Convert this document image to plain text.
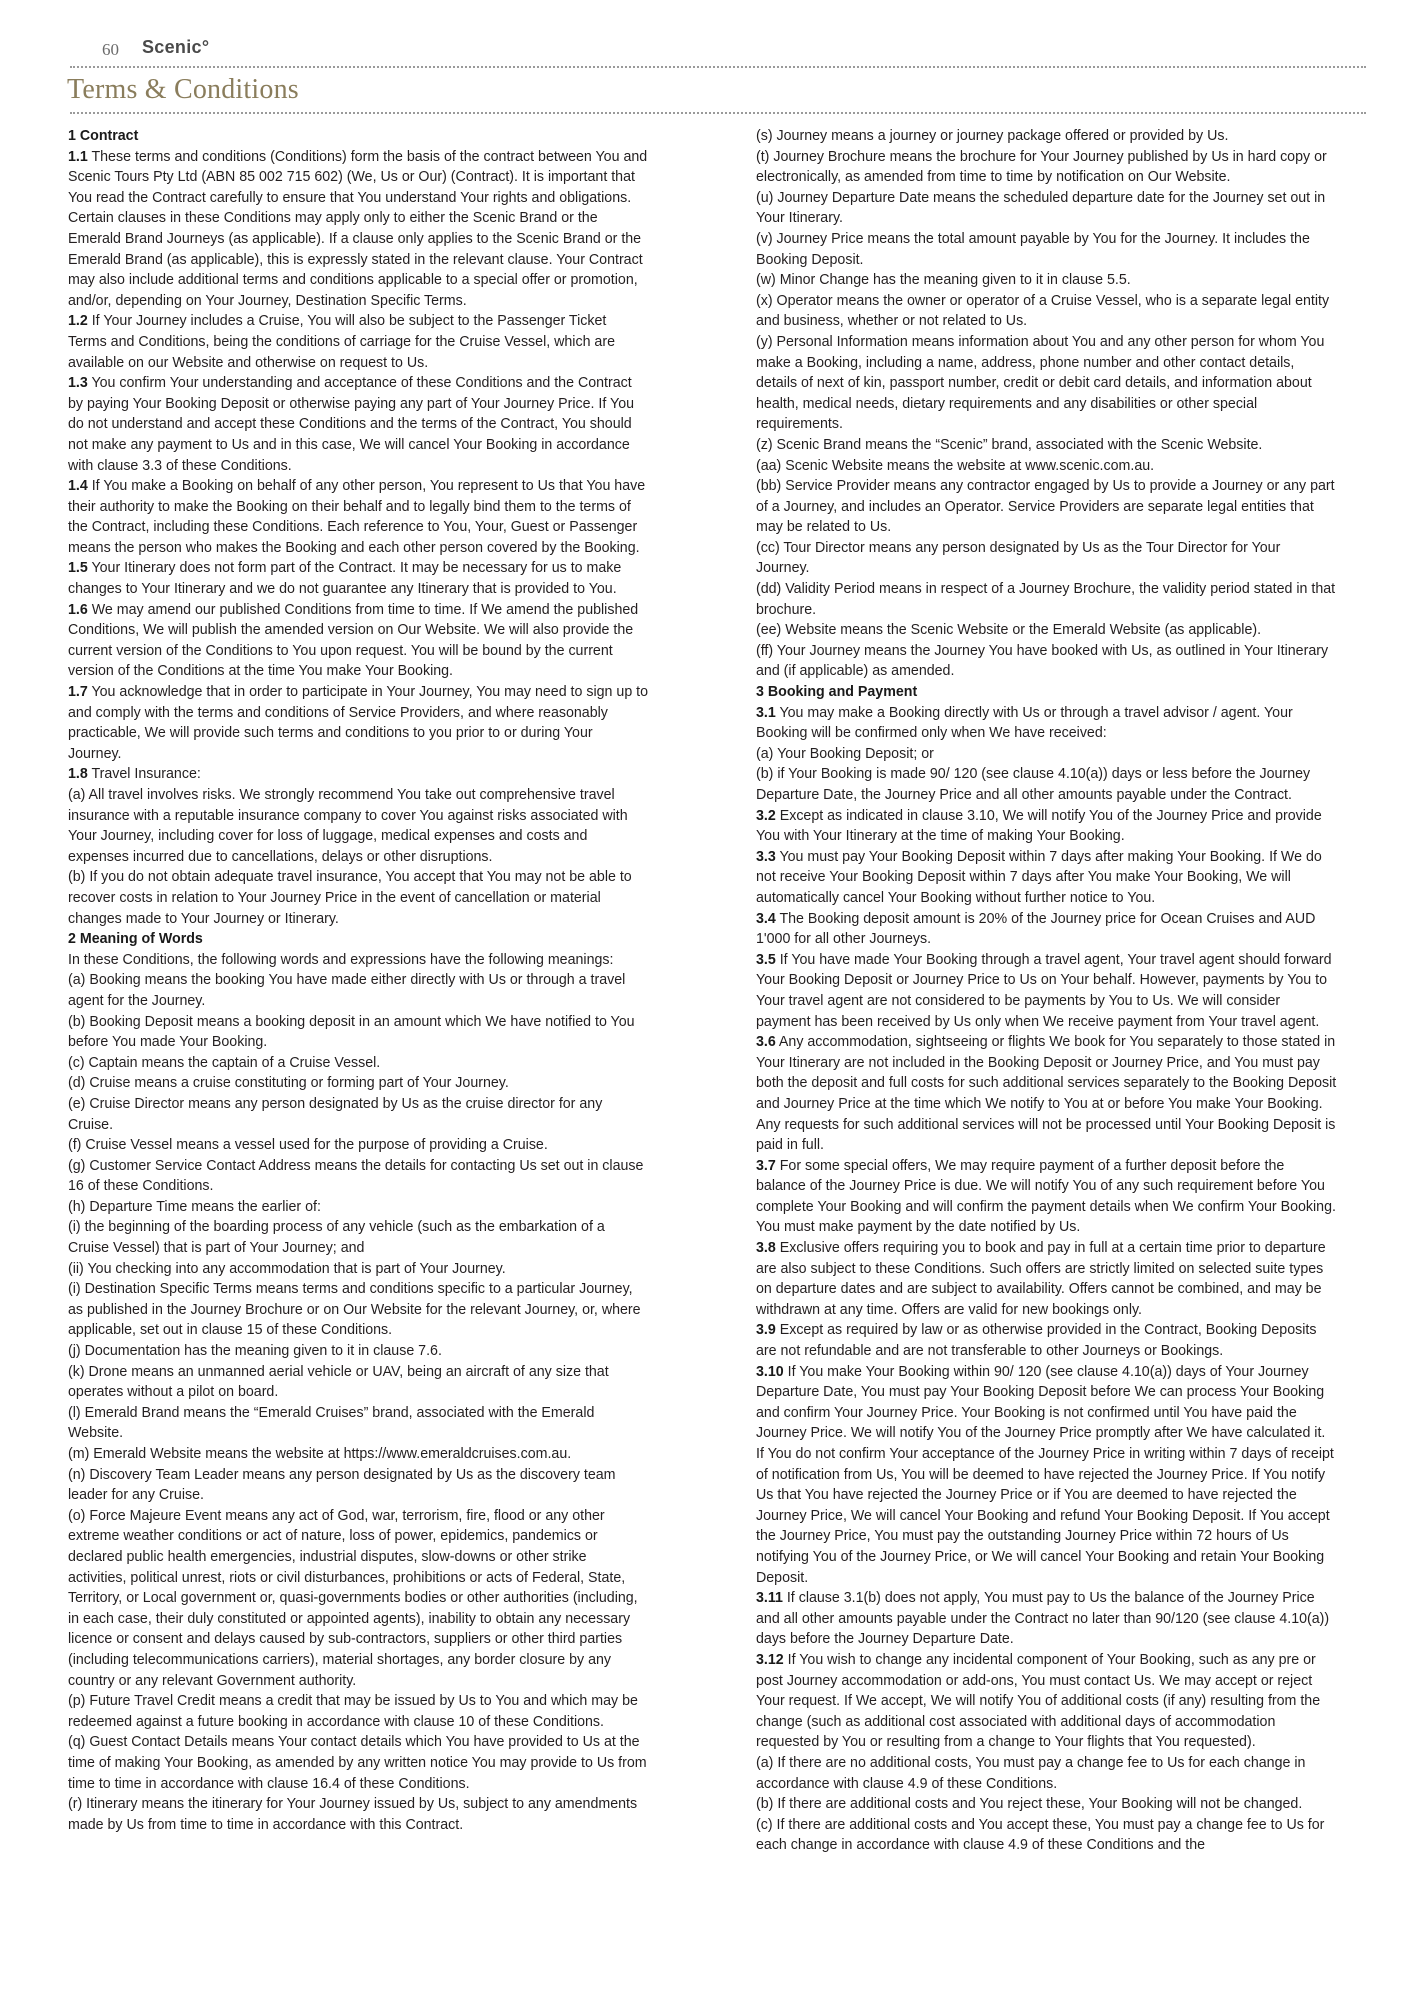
60 Scenic°
Terms & Conditions

1 Contract

1.1 These terms and conditions (Conditions) form the basis of the contract between You and Scenic Tours Pty Ltd (ABN 85 002 715 602) (We, Us or Our) (Contract). It is important that You read the Contract carefully to ensure that You understand Your rights and obligations. Certain clauses in these Conditions may apply only to either the Scenic Brand or the Emerald Brand Journeys (as applicable). If a clause only applies to the Scenic Brand or the Emerald Brand (as applicable), this is expressly stated in the relevant clause. Your Contract may also include additional terms and conditions applicable to a special offer or promotion, and/or, depending on Your Journey, Destination Specific Terms.

1.2 If Your Journey includes a Cruise, You will also be subject to the Passenger Ticket Terms and Conditions, being the conditions of carriage for the Cruise Vessel, which are available on our Website and otherwise on request to Us.

1.3 You confirm Your understanding and acceptance of these Conditions and the Contract by paying Your Booking Deposit or otherwise paying any part of Your Journey Price. If You do not understand and accept these Conditions and the terms of the Contract, You should not make any payment to Us and in this case, We will cancel Your Booking in accordance with clause 3.3 of these Conditions.

1.4 If You make a Booking on behalf of any other person, You represent to Us that You have their authority to make the Booking on their behalf and to legally bind them to the terms of the Contract, including these Conditions. Each reference to You, Your, Guest or Passenger means the person who makes the Booking and each other person covered by the Booking.

1.5 Your Itinerary does not form part of the Contract. It may be necessary for us to make changes to Your Itinerary and we do not guarantee any Itinerary that is provided to You.

1.6 We may amend our published Conditions from time to time. If We amend the published Conditions, We will publish the amended version on Our Website. We will also provide the current version of the Conditions to You upon request. You will be bound by the current version of the Conditions at the time You make Your Booking.

1.7 You acknowledge that in order to participate in Your Journey, You may need to sign up to and comply with the terms and conditions of Service Providers, and where reasonably practicable, We will provide such terms and conditions to you prior to or during Your Journey.

1.8 Travel Insurance:

(a) All travel involves risks. We strongly recommend You take out comprehensive travel insurance with a reputable insurance company to cover You against risks associated with Your Journey, including cover for loss of luggage, medical expenses and costs and expenses incurred due to cancellations, delays or other disruptions.

(b) If you do not obtain adequate travel insurance, You accept that You may not be able to recover costs in relation to Your Journey Price in the event of cancellation or material changes made to Your Journey or Itinerary.

2 Meaning of Words

In these Conditions, the following words and expressions have the following meanings:

(a) Booking means the booking You have made either directly with Us or through a travel agent for the Journey.

(b) Booking Deposit means a booking deposit in an amount which We have notified to You before You made Your Booking.

(c) Captain means the captain of a Cruise Vessel.

(d) Cruise means a cruise constituting or forming part of Your Journey.

(e) Cruise Director means any person designated by Us as the cruise director for any Cruise.

(f) Cruise Vessel means a vessel used for the purpose of providing a Cruise.

(g) Customer Service Contact Address means the details for contacting Us set out in clause 16 of these Conditions.

(h) Departure Time means the earlier of:

(i) the beginning of the boarding process of any vehicle (such as the embarkation of a Cruise Vessel) that is part of Your Journey; and

(ii) You checking into any accommodation that is part of Your Journey.

(i) Destination Specific Terms means terms and conditions specific to a particular Journey, as published in the Journey Brochure or on Our Website for the relevant Journey, or, where applicable, set out in clause 15 of these Conditions.

(j) Documentation has the meaning given to it in clause 7.6.

(k) Drone means an unmanned aerial vehicle or UAV, being an aircraft of any size that operates without a pilot on board.

(l) Emerald Brand means the “Emerald Cruises” brand, associated with the Emerald Website.

(m) Emerald Website means the website at https://www.emeraldcruises.com.au.

(n) Discovery Team Leader means any person designated by Us as the discovery team leader for any Cruise.

(o) Force Majeure Event means any act of God, war, terrorism, fire, flood or any other extreme weather conditions or act of nature, loss of power, epidemics, pandemics or declared public health emergencies, industrial disputes, slow-downs or other strike activities, political unrest, riots or civil disturbances, prohibitions or acts of Federal, State, Territory, or Local government or, quasi-governments bodies or other authorities (including, in each case, their duly constituted or appointed agents), inability to obtain any necessary licence or consent and delays caused by sub-contractors, suppliers or other third parties (including telecommunications carriers), material shortages, any border closure by any country or any relevant Government authority.

(p) Future Travel Credit means a credit that may be issued by Us to You and which may be redeemed against a future booking in accordance with clause 10 of these Conditions.

(q) Guest Contact Details means Your contact details which You have provided to Us at the time of making Your Booking, as amended by any written notice You may provide to Us from time to time in accordance with clause 16.4 of these Conditions.

(r) Itinerary means the itinerary for Your Journey issued by Us, subject to any amendments made by Us from time to time in accordance with this Contract.

(s) Journey means a journey or journey package offered or provided by Us.

(t) Journey Brochure means the brochure for Your Journey published by Us in hard copy or electronically, as amended from time to time by notification on Our Website.

(u) Journey Departure Date means the scheduled departure date for the Journey set out in Your Itinerary.

(v) Journey Price means the total amount payable by You for the Journey. It includes the Booking Deposit.

(w) Minor Change has the meaning given to it in clause 5.5.

(x) Operator means the owner or operator of a Cruise Vessel, who is a separate legal entity and business, whether or not related to Us.

(y) Personal Information means information about You and any other person for whom You make a Booking, including a name, address, phone number and other contact details, details of next of kin, passport number, credit or debit card details, and information about health, medical needs, dietary requirements and any disabilities or other special requirements.

(z) Scenic Brand means the “Scenic” brand, associated with the Scenic Website.

(aa) Scenic Website means the website at www.scenic.com.au.

(bb) Service Provider means any contractor engaged by Us to provide a Journey or any part of a Journey, and includes an Operator. Service Providers are separate legal entities that may be related to Us.

(cc) Tour Director means any person designated by Us as the Tour Director for Your Journey.

(dd) Validity Period means in respect of a Journey Brochure, the validity period stated in that brochure.

(ee) Website means the Scenic Website or the Emerald Website (as applicable).

(ff) Your Journey means the Journey You have booked with Us, as outlined in Your Itinerary and (if applicable) as amended.

3 Booking and Payment

3.1 You may make a Booking directly with Us or through a travel advisor / agent. Your Booking will be confirmed only when We have received:

(a) Your Booking Deposit; or

(b) if Your Booking is made 90/ 120 (see clause 4.10(a)) days or less before the Journey Departure Date, the Journey Price and all other amounts payable under the Contract.

3.2 Except as indicated in clause 3.10, We will notify You of the Journey Price and provide You with Your Itinerary at the time of making Your Booking.

3.3 You must pay Your Booking Deposit within 7 days after making Your Booking. If We do not receive Your Booking Deposit within 7 days after You make Your Booking, We will automatically cancel Your Booking without further notice to You.

3.4 The Booking deposit amount is 20% of the Journey price for Ocean Cruises and AUD 1'000 for all other Journeys.

3.5 If You have made Your Booking through a travel agent, Your travel agent should forward Your Booking Deposit or Journey Price to Us on Your behalf. However, payments by You to Your travel agent are not considered to be payments by You to Us. We will consider payment has been received by Us only when We receive payment from Your travel agent.

3.6 Any accommodation, sightseeing or flights We book for You separately to those stated in Your Itinerary are not included in the Booking Deposit or Journey Price, and You must pay both the deposit and full costs for such additional services separately to the Booking Deposit and Journey Price at the time which We notify to You at or before You make Your Booking. Any requests for such additional services will not be processed until Your Booking Deposit is paid in full.

3.7 For some special offers, We may require payment of a further deposit before the balance of the Journey Price is due. We will notify You of any such requirement before You complete Your Booking and will confirm the payment details when We confirm Your Booking. You must make payment by the date notified by Us.

3.8 Exclusive offers requiring you to book and pay in full at a certain time prior to departure are also subject to these Conditions. Such offers are strictly limited on selected suite types on departure dates and are subject to availability. Offers cannot be combined, and may be withdrawn at any time. Offers are valid for new bookings only.

3.9 Except as required by law or as otherwise provided in the Contract, Booking Deposits are not refundable and are not transferable to other Journeys or Bookings.

3.10 If You make Your Booking within 90/ 120 (see clause 4.10(a)) days of Your Journey Departure Date, You must pay Your Booking Deposit before We can process Your Booking and confirm Your Journey Price. Your Booking is not confirmed until You have paid the Journey Price. We will notify You of the Journey Price promptly after We have calculated it. If You do not confirm Your acceptance of the Journey Price in writing within 7 days of receipt of notification from Us, You will be deemed to have rejected the Journey Price. If You notify Us that You have rejected the Journey Price or if You are deemed to have rejected the Journey Price, We will cancel Your Booking and refund Your Booking Deposit. If You accept the Journey Price, You must pay the outstanding Journey Price within 72 hours of Us notifying You of the Journey Price, or We will cancel Your Booking and retain Your Booking Deposit.

3.11 If clause 3.1(b) does not apply, You must pay to Us the balance of the Journey Price and all other amounts payable under the Contract no later than 90/120 (see clause 4.10(a)) days before the Journey Departure Date.

3.12 If You wish to change any incidental component of Your Booking, such as any pre or post Journey accommodation or add-ons, You must contact Us. We may accept or reject Your request. If We accept, We will notify You of additional costs (if any) resulting from the change (such as additional cost associated with additional days of accommodation requested by You or resulting from a change to Your flights that You requested).

(a) If there are no additional costs, You must pay a change fee to Us for each change in accordance with clause 4.9 of these Conditions.

(b) If there are additional costs and You reject these, Your Booking will not be changed.

(c) If there are additional costs and You accept these, You must pay a change fee to Us for each change in accordance with clause 4.9 of these Conditions and the
